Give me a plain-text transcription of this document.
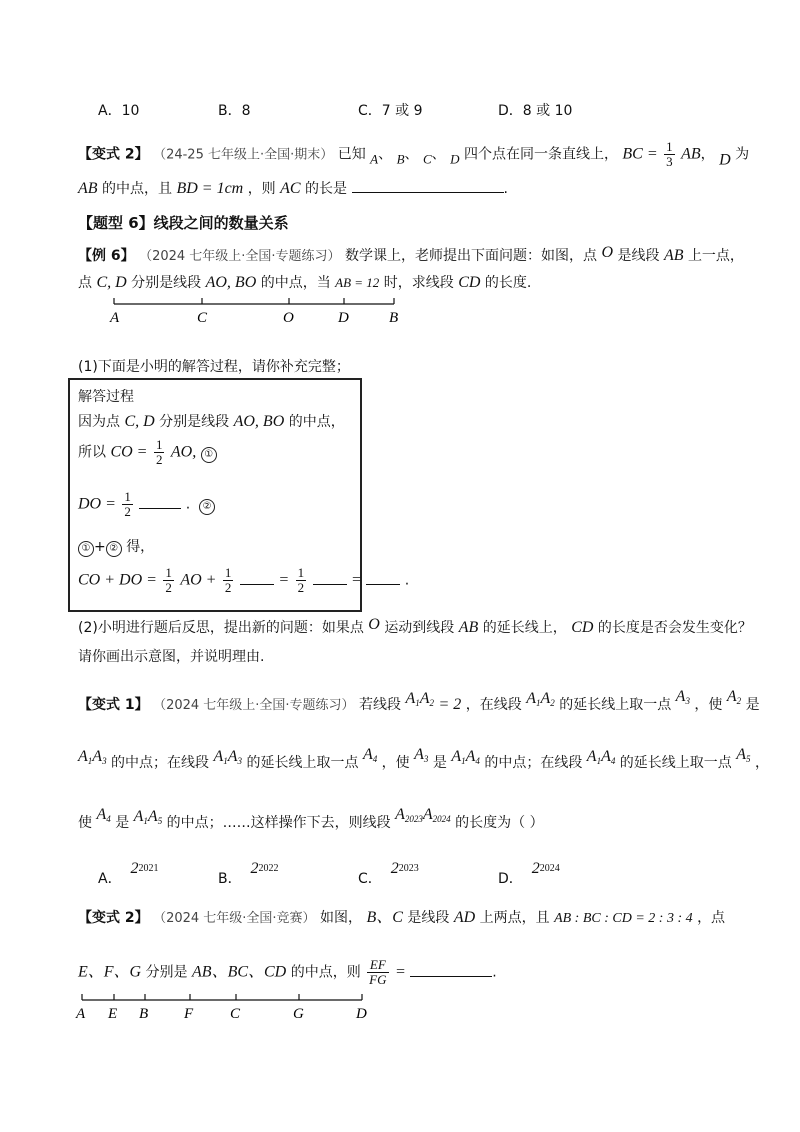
A．10	B．8	C．7 或 9	D．8 或 10
【变式 2】 （24-25 七年级上·全国·期末） 已知 A、 B、 C、 D 四个点在同一条直线上， BC = $\frac{1}{3}$ AB， D 为
AB 的中点，且 BD = 1cm ，则 AC 的长是	.
【题型 6】线段之间的数量关系
【例 6】 （2024 七年级上·全国·专题练习） 数学课上，老师提出下面问题：如图，点 O 是线段 AB 上一点，
点 C, D 分别是线段 AO, BO 的中点，当 AB = 12 时，求线段 CD 的长度.
A	C	O	D	B
(1)下面是小明的解答过程，请你补充完整；
解答过程
因为点 C, D 分别是线段 AO, BO 的中点，
所以 CO = $\frac{1}{2}$ AO, ①
DO = $\frac{1}{2}$	. ②
① + ② 得，
CO + DO = $\frac{1}{2}$ AO + $\frac{1}{2}$	= $\frac{1}{2}$	=	.
(2)小明进行题后反思，提出新的问题：如果点 O 运动到线段 AB 的延长线上， CD 的长度是否会发生变化？
请你画出示意图，并说明理由.
【变式 1】 （2024 七年级上·全国·专题练习） 若线段 $A_1A_2 = 2$ ，在线段 $A_1A_2$ 的延长线上取一点 $A_3$ ，使 $A_2$ 是
$A_1A_3$ 的中点；在线段 $A_1A_3$ 的延长线上取一点 $A_4$ ，使 $A_3$ 是 $A_1A_4$ 的中点；在线段 $A_1A_4$ 的延长线上取一点 $A_5$ ，
使 $A_4$ 是 $A_1A_5$ 的中点；……这样操作下去，则线段 $A_{2023}A_{2024}$ 的长度为（ ）
A．  $2^{2021}$
B．  $2^{2022}$
C．  $2^{2023}$
D．  $2^{2024}$
【变式 2】 （2024 七年级·全国·竞赛） 如图， B、C 是线段 AD 上两点，且 AB : BC : CD = 2 : 3 : 4 ，点
E、F、G 分别是 AB、BC、CD 的中点，则 $\frac{EF}{FG}$ =	.
A E B F C	G	D
